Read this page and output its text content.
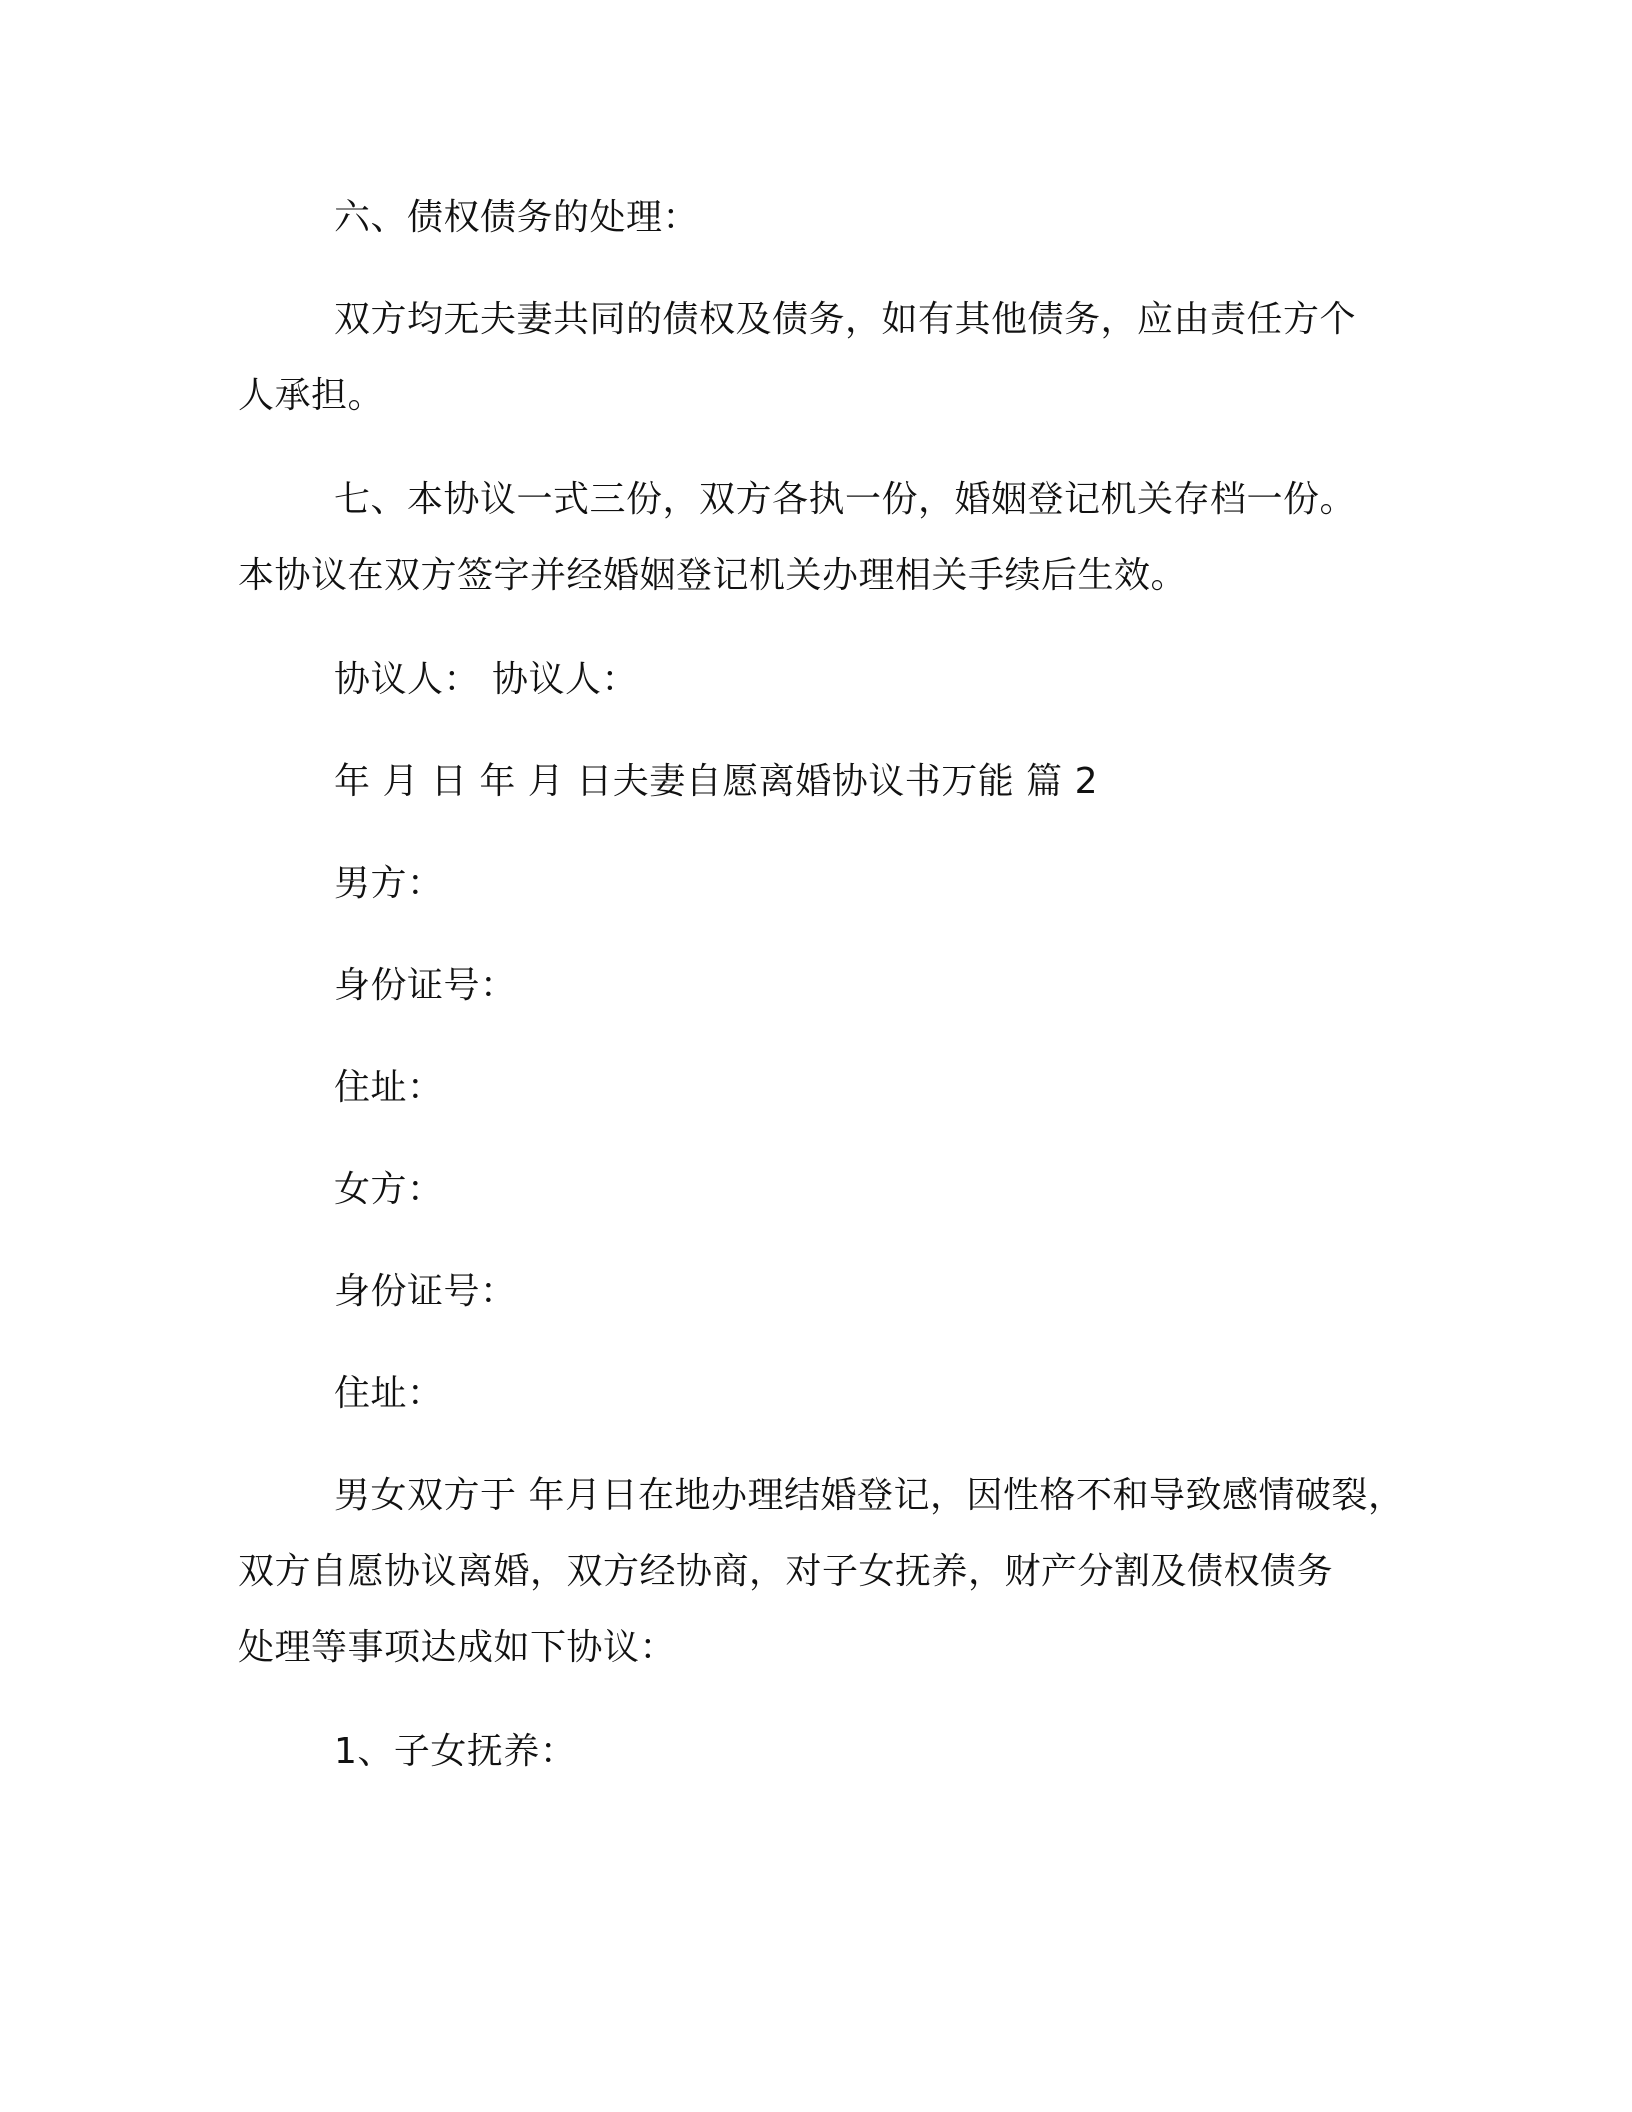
六、债权债务的处理：
双方均无夫妻共同的债权及债务，如有其他债务，应由责任方个
人承担。
七、本协议一式三份，双方各执一份，婚姻登记机关存档一份。
本协议在双方签字并经婚姻登记机关办理相关手续后生效。
协议人： 协议人：
年 月 日 年 月 日夫妻自愿离婚协议书万能 篇 2
男方：
身份证号：
住址：
女方：
身份证号：
住址：
男女双方于 年月日在地办理结婚登记，因性格不和导致感情破裂，
双方自愿协议离婚，双方经协商，对子女抚养，财产分割及债权债务
处理等事项达成如下协议：
1、子女抚养：
